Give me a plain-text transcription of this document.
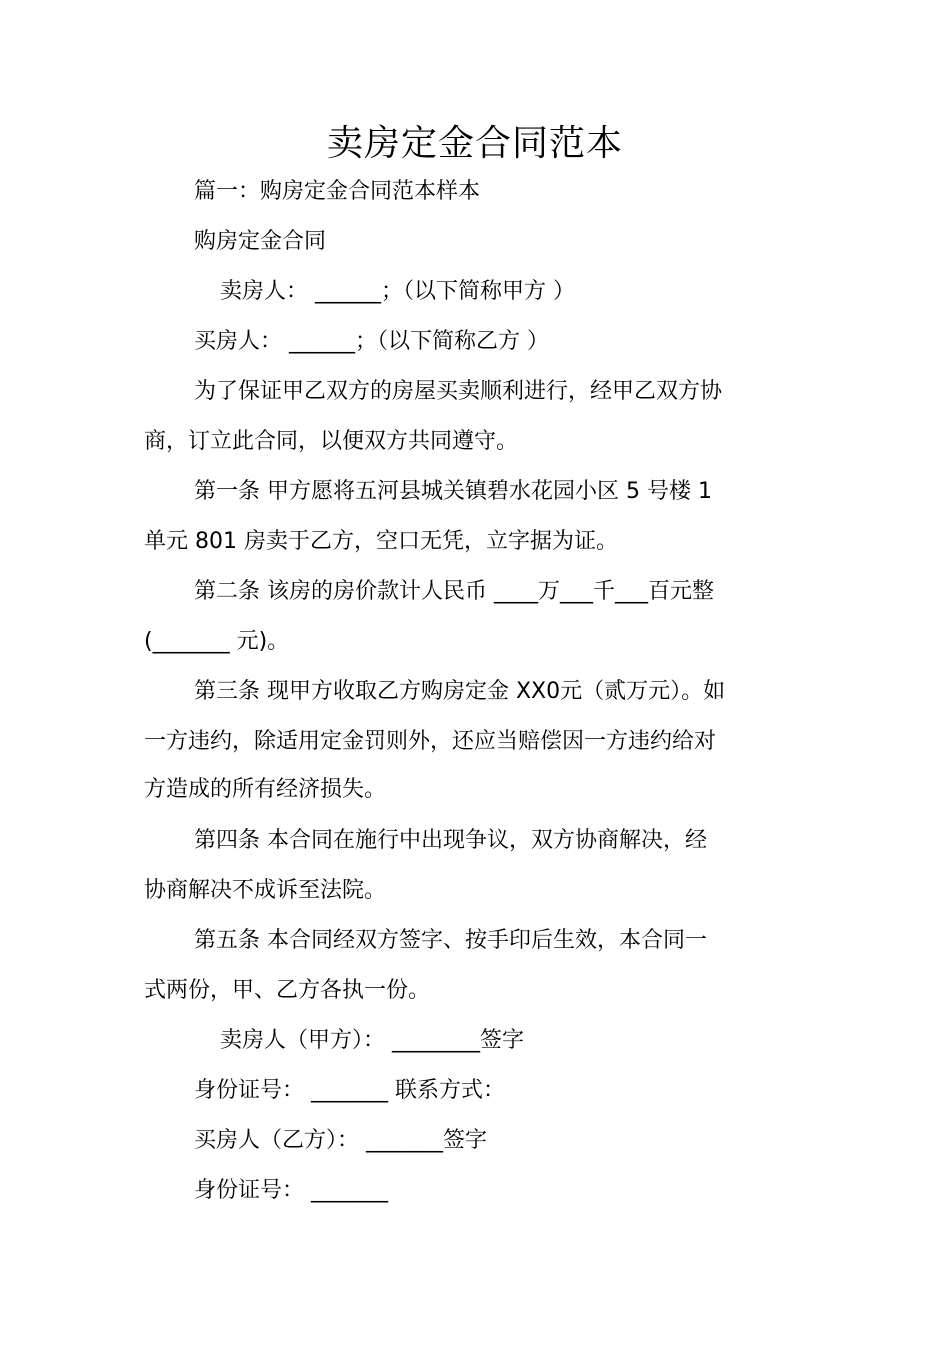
卖房定金合同范本
篇一：购房定金合同范本样本
购房定金合同
卖房人： ______；（以下简称甲方 ）
买房人： ______；（以下简称乙方 ）
为了保证甲乙双方的房屋买卖顺利进行，经甲乙双方协
商，订立此合同，以便双方共同遵守。
第一条 甲方愿将五河县城关镇碧水花园小区 5 号楼 1
单元 801 房卖于乙方，空口无凭，立字据为证。
第二条 该房的房价款计人民币 ____万___千___百元整
(_______ 元)。
第三条 现甲方收取乙方购房定金 XX0元（贰万元）。如
一方违约，除适用定金罚则外，还应当赔偿因一方违约给对
方造成的所有经济损失。
第四条 本合同在施行中出现争议，双方协商解决，经
协商解决不成诉至法院。
第五条 本合同经双方签字、按手印后生效，本合同一
式两份，甲、乙方各执一份。
卖房人（甲方）： ________签字
身份证号： _______ 联系方式：
买房人（乙方）： _______签字
身份证号： _______
